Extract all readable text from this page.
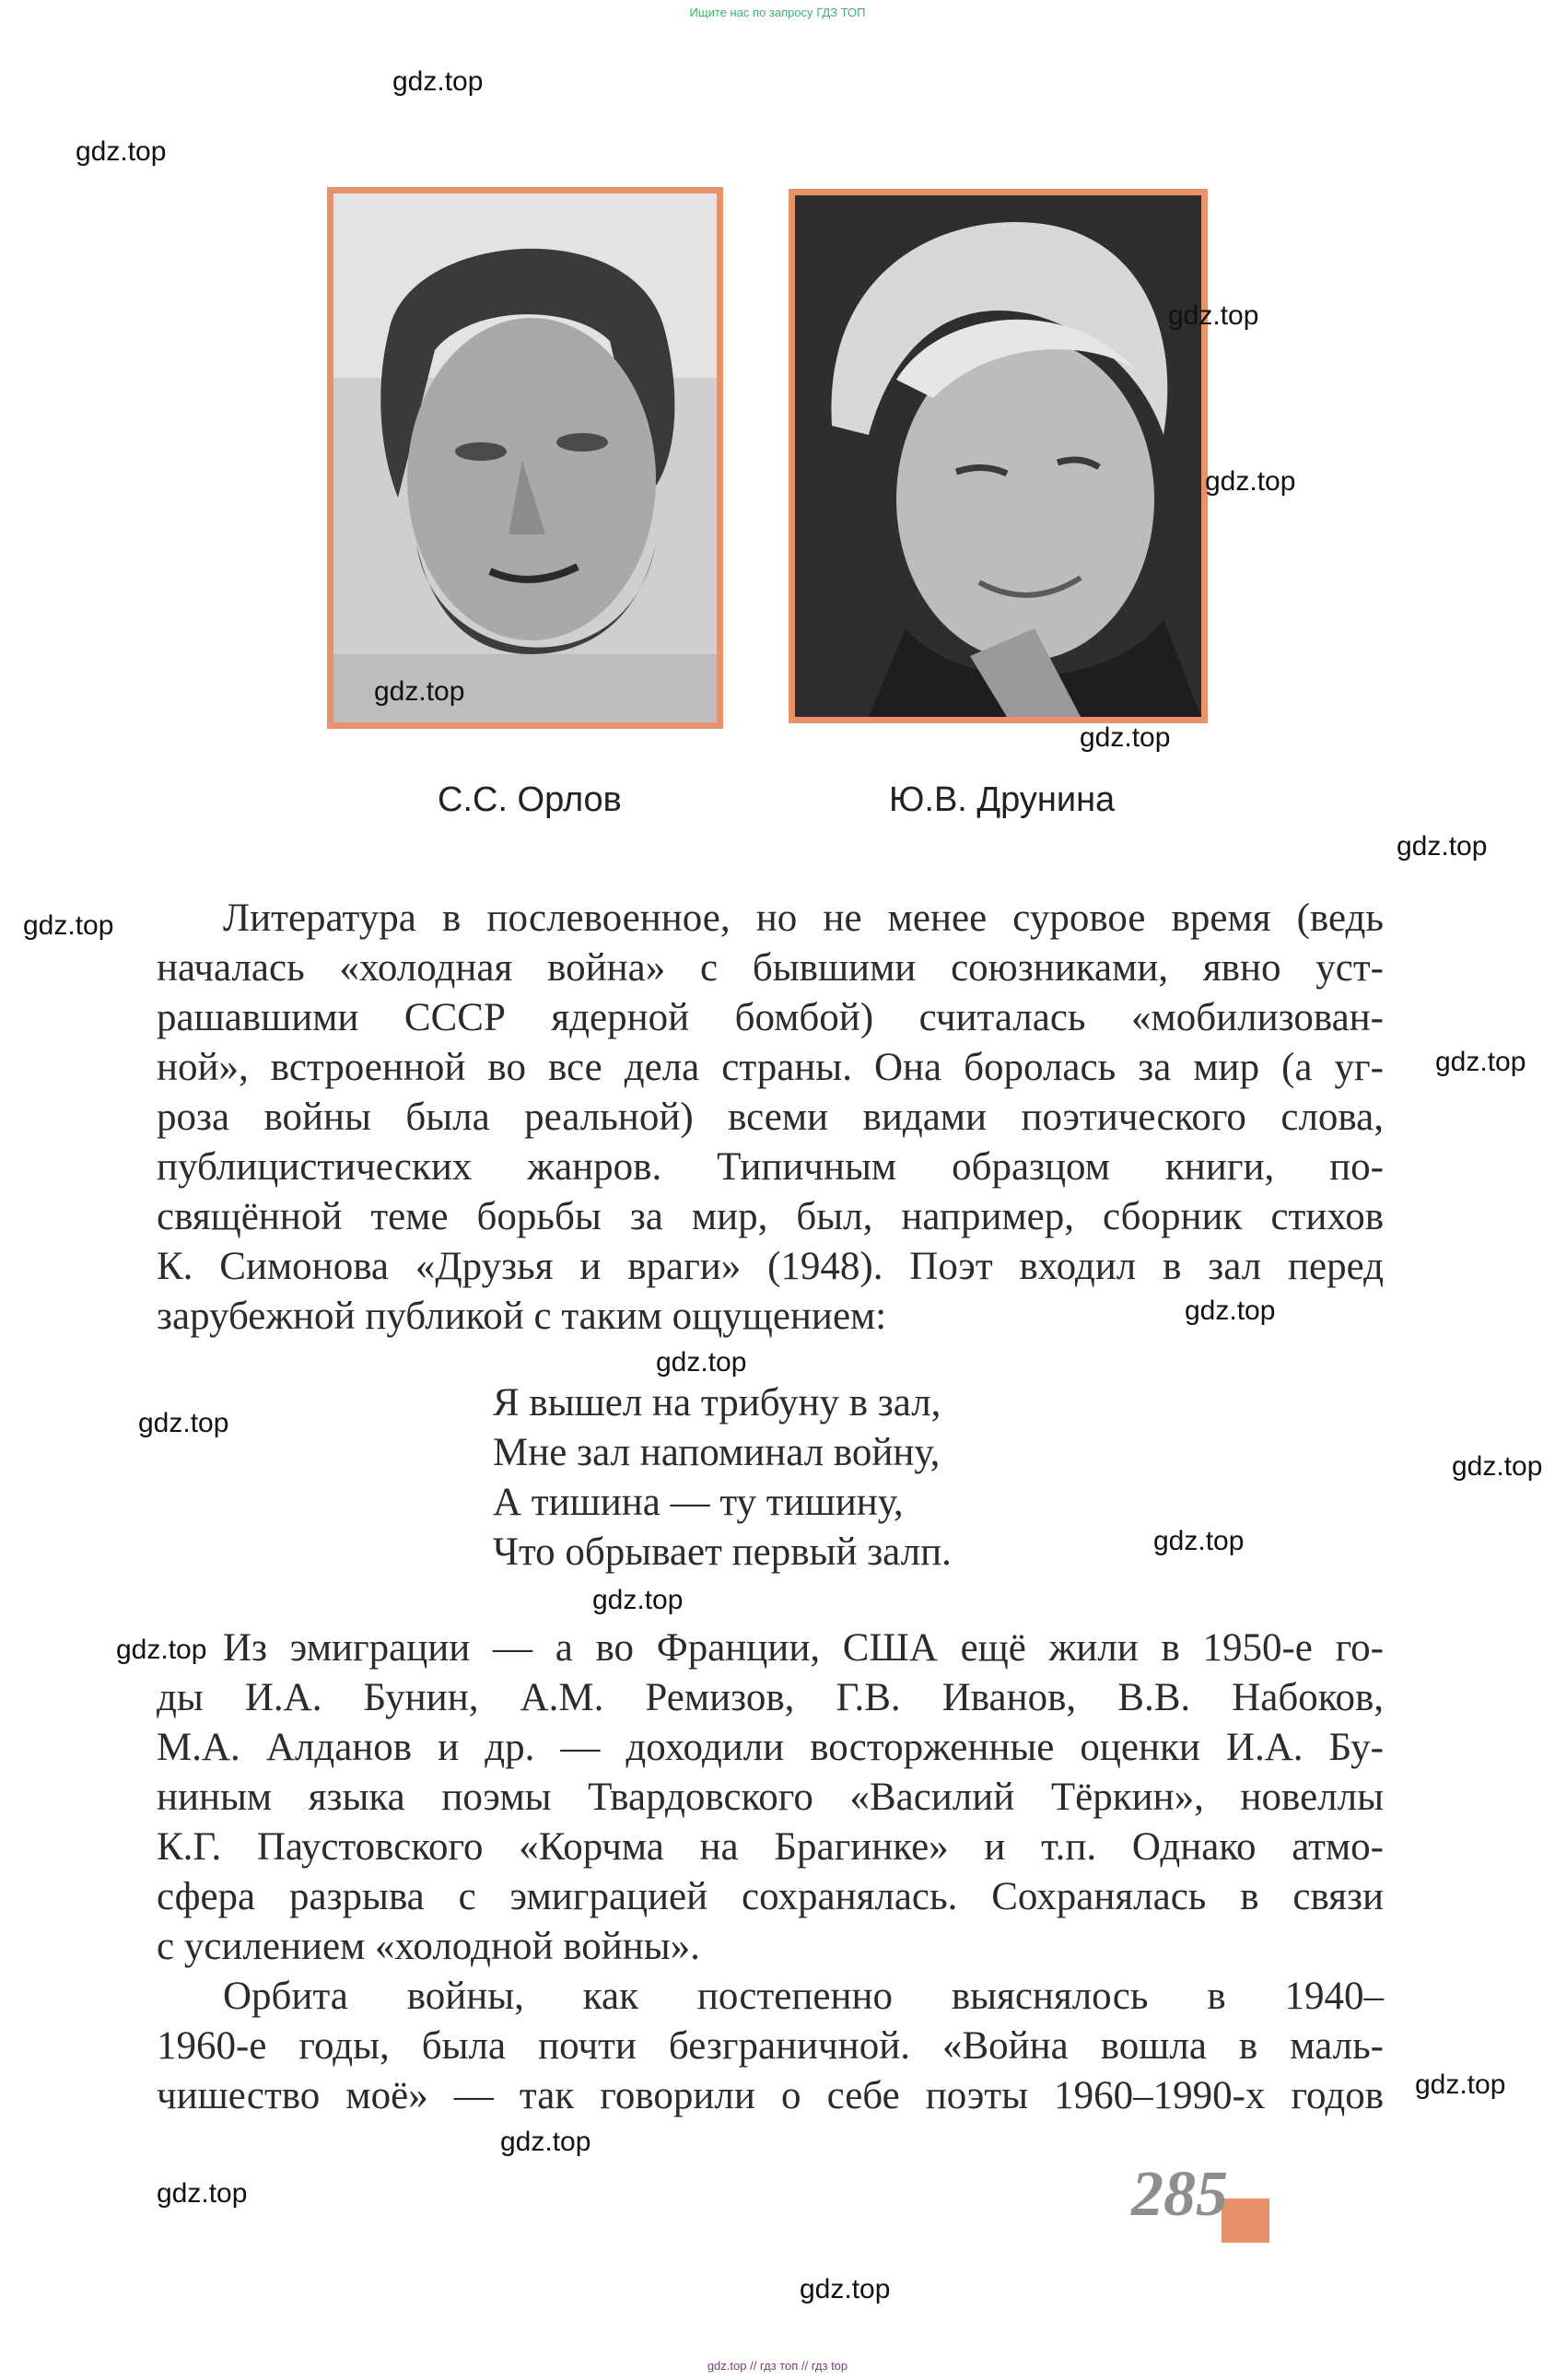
Ищите нас по запросу ГДЗ ТОП
С.С. Орлов	Ю.В. Друнина
Литература в послевоенное, но не менее суровое время (ведь
началась «холодная война» с бывшими союзниками, явно уст-
рашавшими СССР ядерной бомбой) считалась «мобилизован-
ной», встроенной во все дела страны. Она боролась за мир (а уг-
роза войны была реальной) всеми видами поэтического слова,
публицистических жанров. Типичным образцом книги, по-
свящённой теме борьбы за мир, был, например, сборник стихов
К. Симонова «Друзья и враги» (1948). Поэт входил в зал перед
зарубежной публикой с таким ощущением:
Я вышел на трибуну в зал,
Мне зал напоминал войну,
А тишина — ту тишину,
Что обрывает первый залп.
Из эмиграции — а во Франции, США ещё жили в 1950-е го-
ды И.А. Бунин, А.М. Ремизов, Г.В. Иванов, В.В. Набоков,
М.А. Алданов и др. — доходили восторженные оценки И.А. Бу-
ниным языка поэмы Твардовского «Василий Тёркин», новеллы
К.Г. Паустовского «Корчма на Брагинке» и т.п. Однако атмо-
сфера разрыва с эмиграцией сохранялась. Сохранялась в связи
с усилением «холодной войны».
Орбита войны, как постепенно выяснялось в 1940–
1960-е годы, была почти безграничной. «Война вошла в маль-
чишество моё» — так говорили о себе поэты 1960–1990-х годов
285
gdz.top
gdz.top
gdz.top
gdz.top
gdz.top
gdz.top
gdz.top
gdz.top
gdz.top
gdz.top
gdz.top
gdz.top
gdz.top
gdz.top
gdz.top
gdz.top
gdz.top
gdz.top
gdz.top
gdz.top
gdz.top // гдз топ // гдз top
